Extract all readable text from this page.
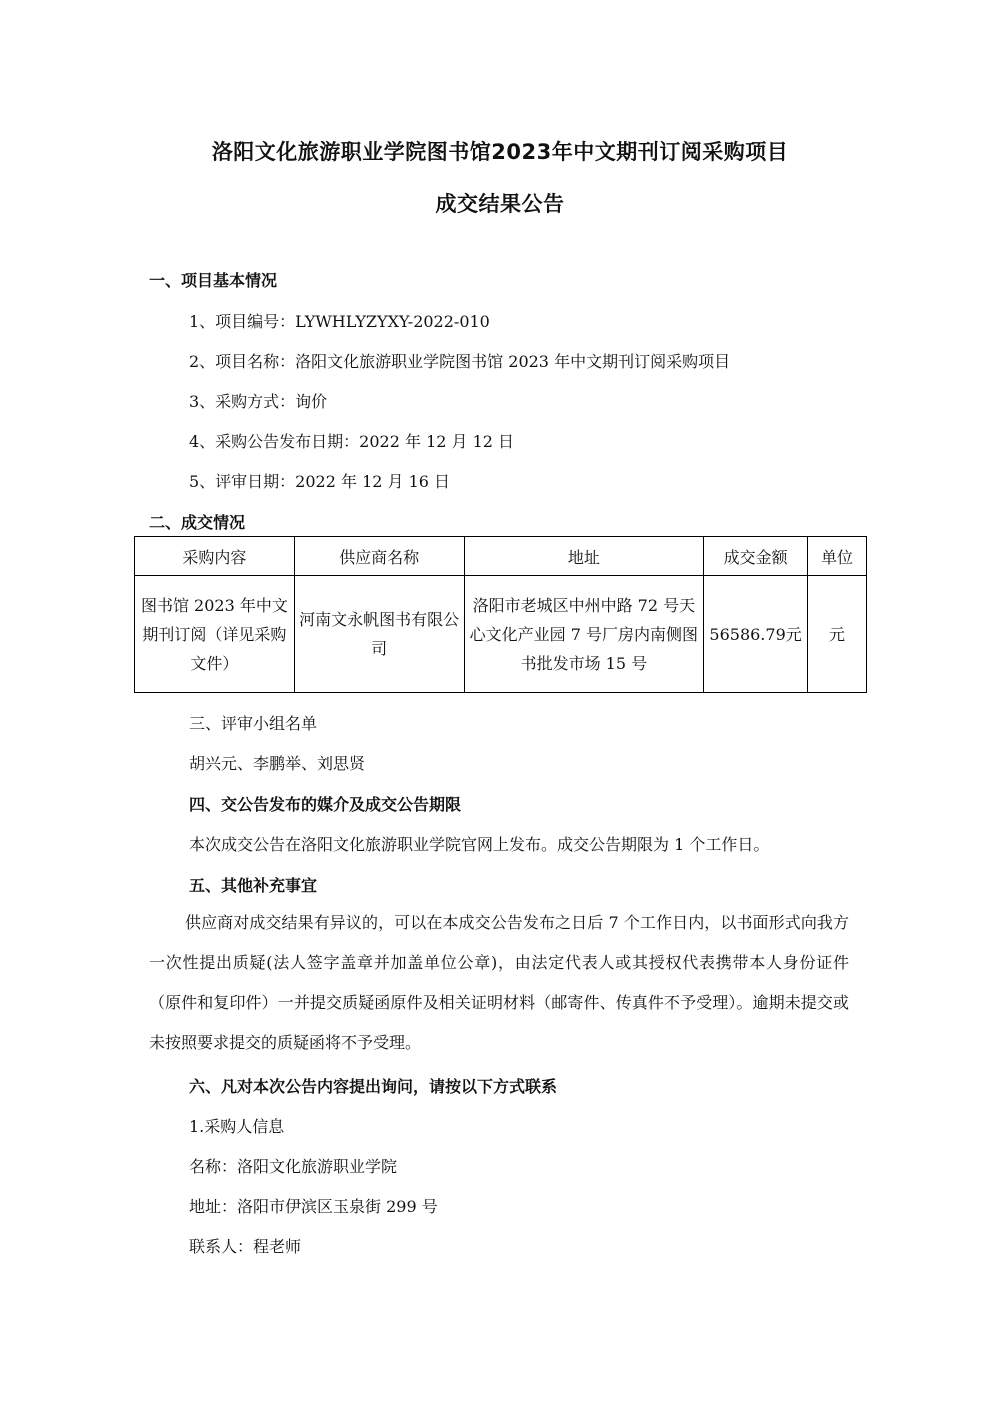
洛阳文化旅游职业学院图书馆2023年中文期刊订阅采购项目
成交结果公告
一、项目基本情况
1、项目编号：LYWHLYZYXY-2022-010
2、项目名称：洛阳文化旅游职业学院图书馆 2023 年中文期刊订阅采购项目
3、采购方式：询价
4、采购公告发布日期：2022 年 12 月 12 日
5、评审日期：2022 年 12 月 16 日
二、成交情况
采购内容	供应商名称	地址	成交金额	单位
图书馆 2023 年中文期刊订阅（详见采购文件）	河南文永帆图书有限公司	洛阳市老城区中州中路 72 号天心文化产业园 7 号厂房内南侧图书批发市场 15 号	56586.79元	元
三、评审小组名单
胡兴元、李鹏举、刘思贤
四、交公告发布的媒介及成交公告期限
本次成交公告在洛阳文化旅游职业学院官网上发布。成交公告期限为 1 个工作日。
五、其他补充事宜
供应商对成交结果有异议的，可以在本成交公告发布之日后 7 个工作日内，以书面形式向我方一次性提出质疑(法人签字盖章并加盖单位公章)，由法定代表人或其授权代表携带本人身份证件（原件和复印件）一并提交质疑函原件及相关证明材料（邮寄件、传真件不予受理）。逾期未提交或未按照要求提交的质疑函将不予受理。
六、凡对本次公告内容提出询问，请按以下方式联系
1.采购人信息
名称：洛阳文化旅游职业学院
地址：洛阳市伊滨区玉泉街 299 号
联系人：程老师
